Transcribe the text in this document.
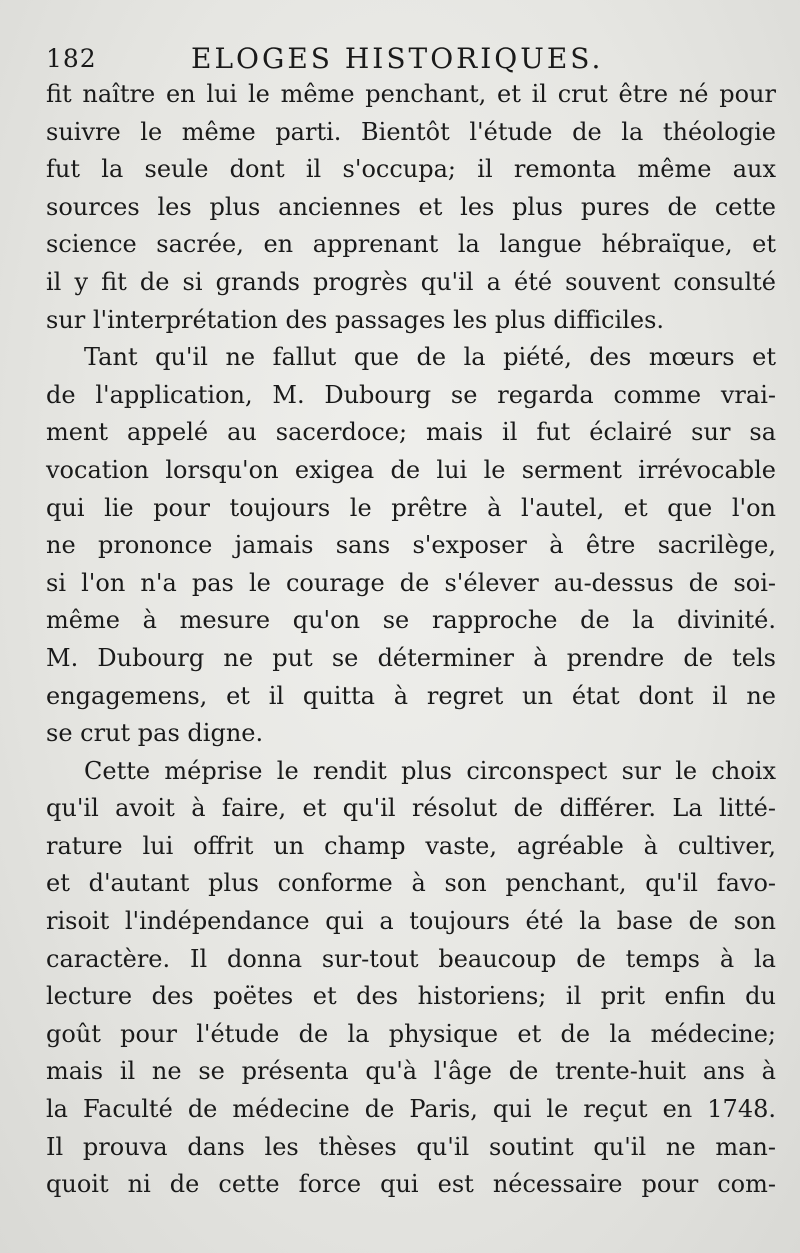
182	ELOGES HISTORIQUES.
fit naître en lui le même penchant, et il crut être né pour
suivre le même parti. Bientôt l'étude de la théologie
fut la seule dont il s'occupa; il remonta même aux
sources les plus anciennes et les plus pures de cette
science sacrée, en apprenant la langue hébraïque, et
il y fit de si grands progrès qu'il a été souvent consulté
sur l'interprétation des passages les plus difficiles.
Tant qu'il ne fallut que de la piété, des mœurs et
de l'application, M. Dubourg se regarda comme vrai-
ment appelé au sacerdoce; mais il fut éclairé sur sa
vocation lorsqu'on exigea de lui le serment irrévocable
qui lie pour toujours le prêtre à l'autel, et que l'on
ne prononce jamais sans s'exposer à être sacrilège,
si l'on n'a pas le courage de s'élever au-dessus de soi-
même à mesure qu'on se rapproche de la divinité.
M. Dubourg ne put se déterminer à prendre de tels
engagemens, et il quitta à regret un état dont il ne
se crut pas digne.
Cette méprise le rendit plus circonspect sur le choix
qu'il avoit à faire, et qu'il résolut de différer. La litté-
rature lui offrit un champ vaste, agréable à cultiver,
et d'autant plus conforme à son penchant, qu'il favo-
risoit l'indépendance qui a toujours été la base de son
caractère. Il donna sur-tout beaucoup de temps à la
lecture des poëtes et des historiens; il prit enfin du
goût pour l'étude de la physique et de la médecine;
mais il ne se présenta qu'à l'âge de trente-huit ans à
la Faculté de médecine de Paris, qui le reçut en 1748.
Il prouva dans les thèses qu'il soutint qu'il ne man-
quoit ni de cette force qui est nécessaire pour com-
